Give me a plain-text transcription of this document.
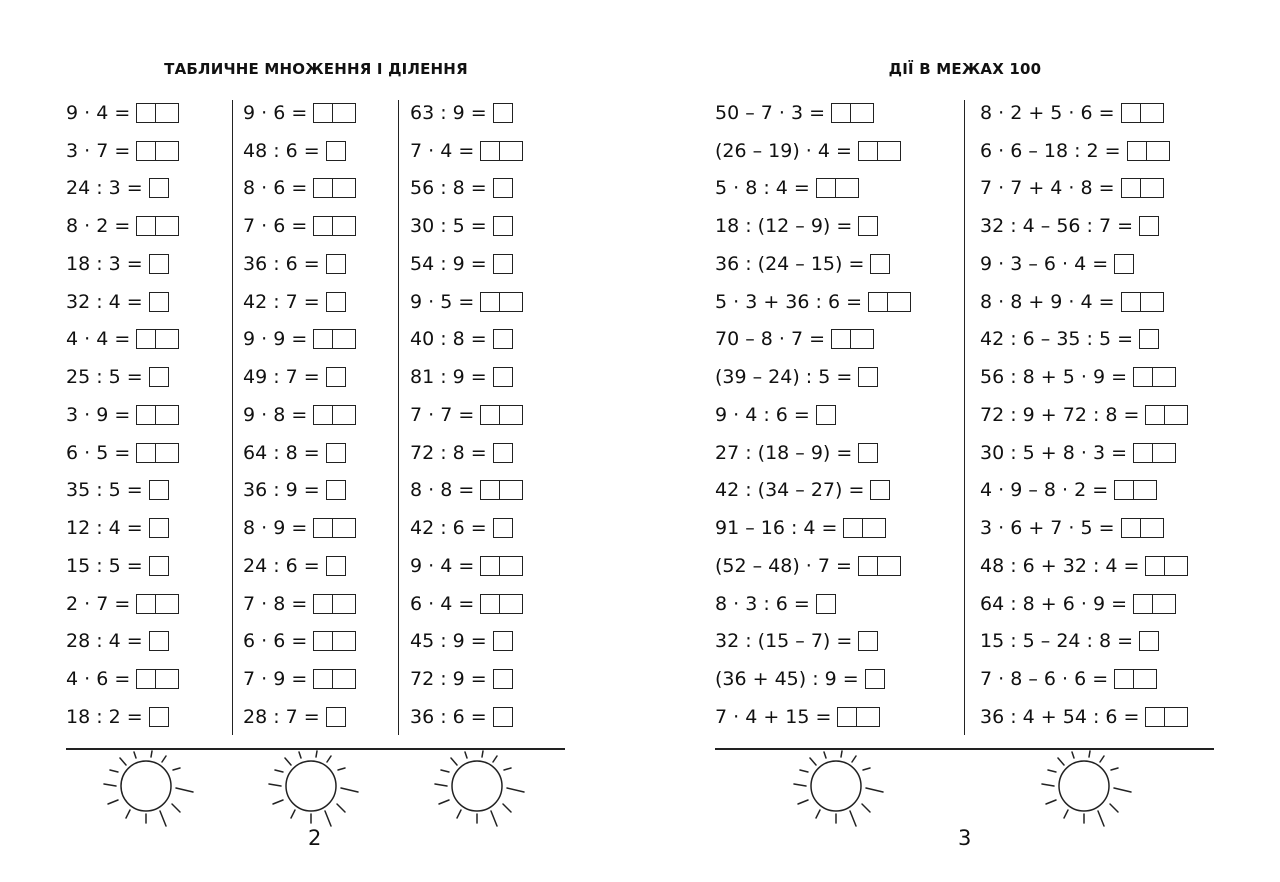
ТАБЛИЧНЕ МНОЖЕННЯ І ДІЛЕННЯ
9 · 4 =
3 · 7 =
24 : 3 =
8 · 2 =
18 : 3 =
32 : 4 =
4 · 4 =
25 : 5 =
3 · 9 =
6 · 5 =
35 : 5 =
12 : 4 =
15 : 5 =
2 · 7 =
28 : 4 =
4 · 6 =
18 : 2 =
9 · 6 =
48 : 6 =
8 · 6 =
7 · 6 =
36 : 6 =
42 : 7 =
9 · 9 =
49 : 7 =
9 · 8 =
64 : 8 =
36 : 9 =
8 · 9 =
24 : 6 =
7 · 8 =
6 · 6 =
7 · 9 =
28 : 7 =
63 : 9 =
7 · 4 =
56 : 8 =
30 : 5 =
54 : 9 =
9 · 5 =
40 : 8 =
81 : 9 =
7 · 7 =
72 : 8 =
8 · 8 =
42 : 6 =
9 · 4 =
6 · 4 =
45 : 9 =
72 : 9 =
36 : 6 =
2
ДІЇ В МЕЖАХ 100
50 – 7 · 3 =
(26 – 19) · 4 =
5 · 8 : 4 =
18 : (12 – 9) =
36 : (24 – 15) =
5 · 3 + 36 : 6 =
70 – 8 · 7 =
(39 – 24) : 5 =
9 · 4 : 6 =
27 : (18 – 9) =
42 : (34 – 27) =
91 – 16 : 4 =
(52 – 48) · 7 =
8 · 3 : 6 =
32 : (15 – 7) =
(36 + 45) : 9 =
7 · 4 + 15 =
8 · 2 + 5 · 6 =
6 · 6 – 18 : 2 =
7 · 7 + 4 · 8 =
32 : 4 – 56 : 7 =
9 · 3 – 6 · 4 =
8 · 8 + 9 · 4 =
42 : 6 – 35 : 5 =
56 : 8 + 5 · 9 =
72 : 9 + 72 : 8 =
30 : 5 + 8 · 3 =
4 · 9 – 8 · 2 =
3 · 6 + 7 · 5 =
48 : 6 + 32 : 4 =
64 : 8 + 6 · 9 =
15 : 5 – 24 : 8 =
7 · 8 – 6 · 6 =
36 : 4 + 54 : 6 =
3
